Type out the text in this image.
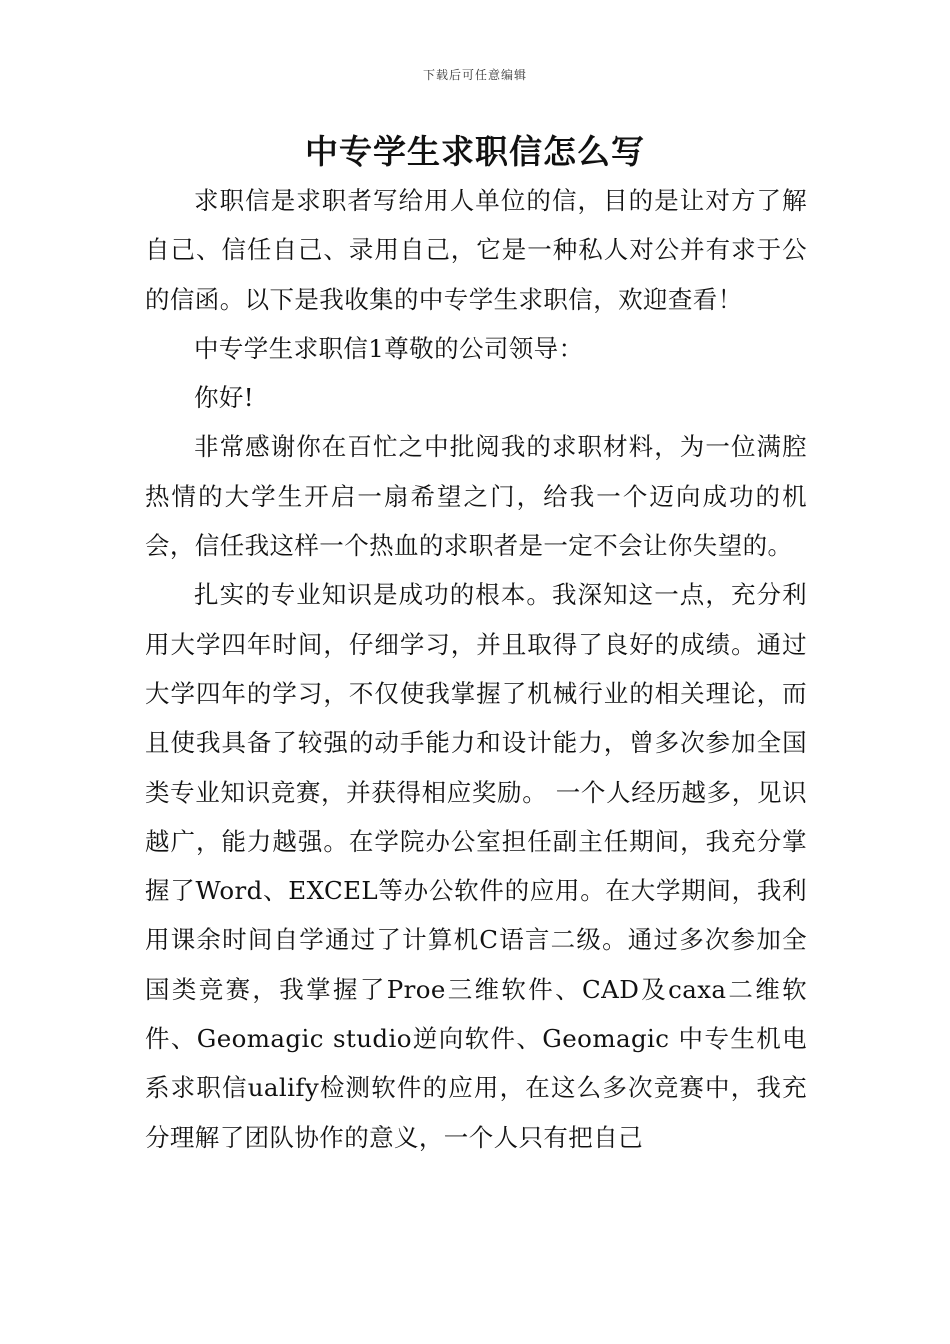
下载后可任意编辑
中专学生求职信怎么写

求职信是求职者写给用人单位的信，目的是让对方了解自己、信任自己、录用自己，它是一种私人对公并有求于公的信函。以下是我收集的中专学生求职信，欢迎查看！

中专学生求职信1尊敬的公司领导：

你好!

非常感谢你在百忙之中批阅我的求职材料，为一位满腔热情的大学生开启一扇希望之门，给我一个迈向成功的机会，信任我这样一个热血的求职者是一定不会让你失望的。

扎实的专业知识是成功的根本。我深知这一点，充分利用大学四年时间，仔细学习，并且取得了良好的成绩。通过大学四年的学习，不仅使我掌握了机械行业的相关理论，而且使我具备了较强的动手能力和设计能力，曾多次参加全国类专业知识竞赛，并获得相应奖励。 一个人经历越多，见识越广，能力越强。在学院办公室担任副主任期间，我充分掌握了Word、EXCEL等办公软件的应用。在大学期间，我利用课余时间自学通过了计算机C语言二级。通过多次参加全国类竞赛，我掌握了Proe三维软件、CAD及caxa二维软件、Geomagic studio逆向软件、Geomagic 中专生机电系求职信ualify检测软件的应用，在这么多次竞赛中，我充分理解了团队协作的意义，一个人只有把自己
